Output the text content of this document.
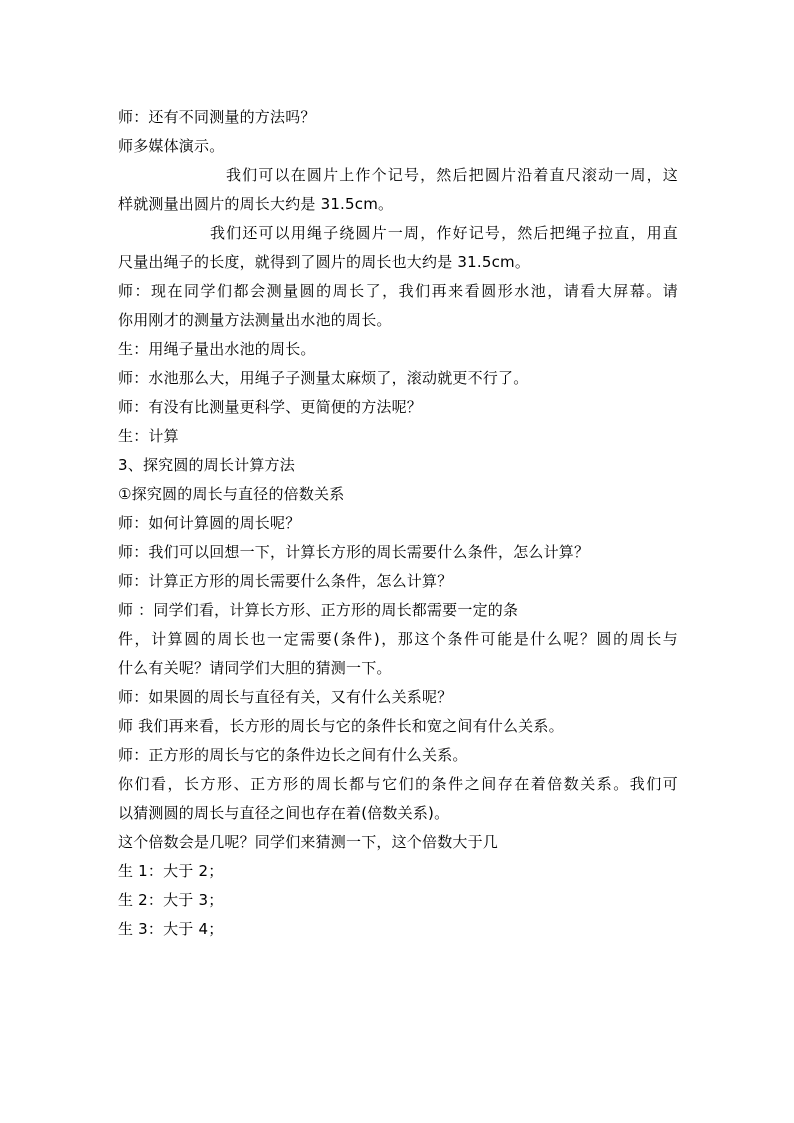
师：还有不同测量的方法吗？
师多媒体演示。
我们可以在圆片上作个记号，然后把圆片沿着直尺滚动一周，这
样就测量出圆片的周长大约是 31.5cm。
我们还可以用绳子绕圆片一周，作好记号，然后把绳子拉直，用直
尺量出绳子的长度，就得到了圆片的周长也大约是 31.5cm。
师：现在同学们都会测量圆的周长了，我们再来看圆形水池，请看大屏幕。请
你用刚才的测量方法测量出水池的周长。
生：用绳子量出水池的周长。
师：水池那么大，用绳子子测量太麻烦了，滚动就更不行了。
师：有没有比测量更科学、更简便的方法呢？
生：计算
3、探究圆的周长计算方法
①探究圆的周长与直径的倍数关系
师：如何计算圆的周长呢？
师：我们可以回想一下，计算长方形的周长需要什么条件，怎么计算？
师：计算正方形的周长需要什么条件，怎么计算？
师 ：同学们看，计算长方形、正方形的周长都需要一定的条
件，计算圆的周长也一定需要(条件)，那这个条件可能是什么呢？圆的周长与
什么有关呢？请同学们大胆的猜测一下。
师：如果圆的周长与直径有关，又有什么关系呢？
师 我们再来看，长方形的周长与它的条件长和宽之间有什么关系。
师：正方形的周长与它的条件边长之间有什么关系。
你们看，长方形、正方形的周长都与它们的条件之间存在着倍数关系。我们可
以猜测圆的周长与直径之间也存在着(倍数关系)。
这个倍数会是几呢？同学们来猜测一下，这个倍数大于几
生 1：大于 2；
生 2：大于 3；
生 3：大于 4；
